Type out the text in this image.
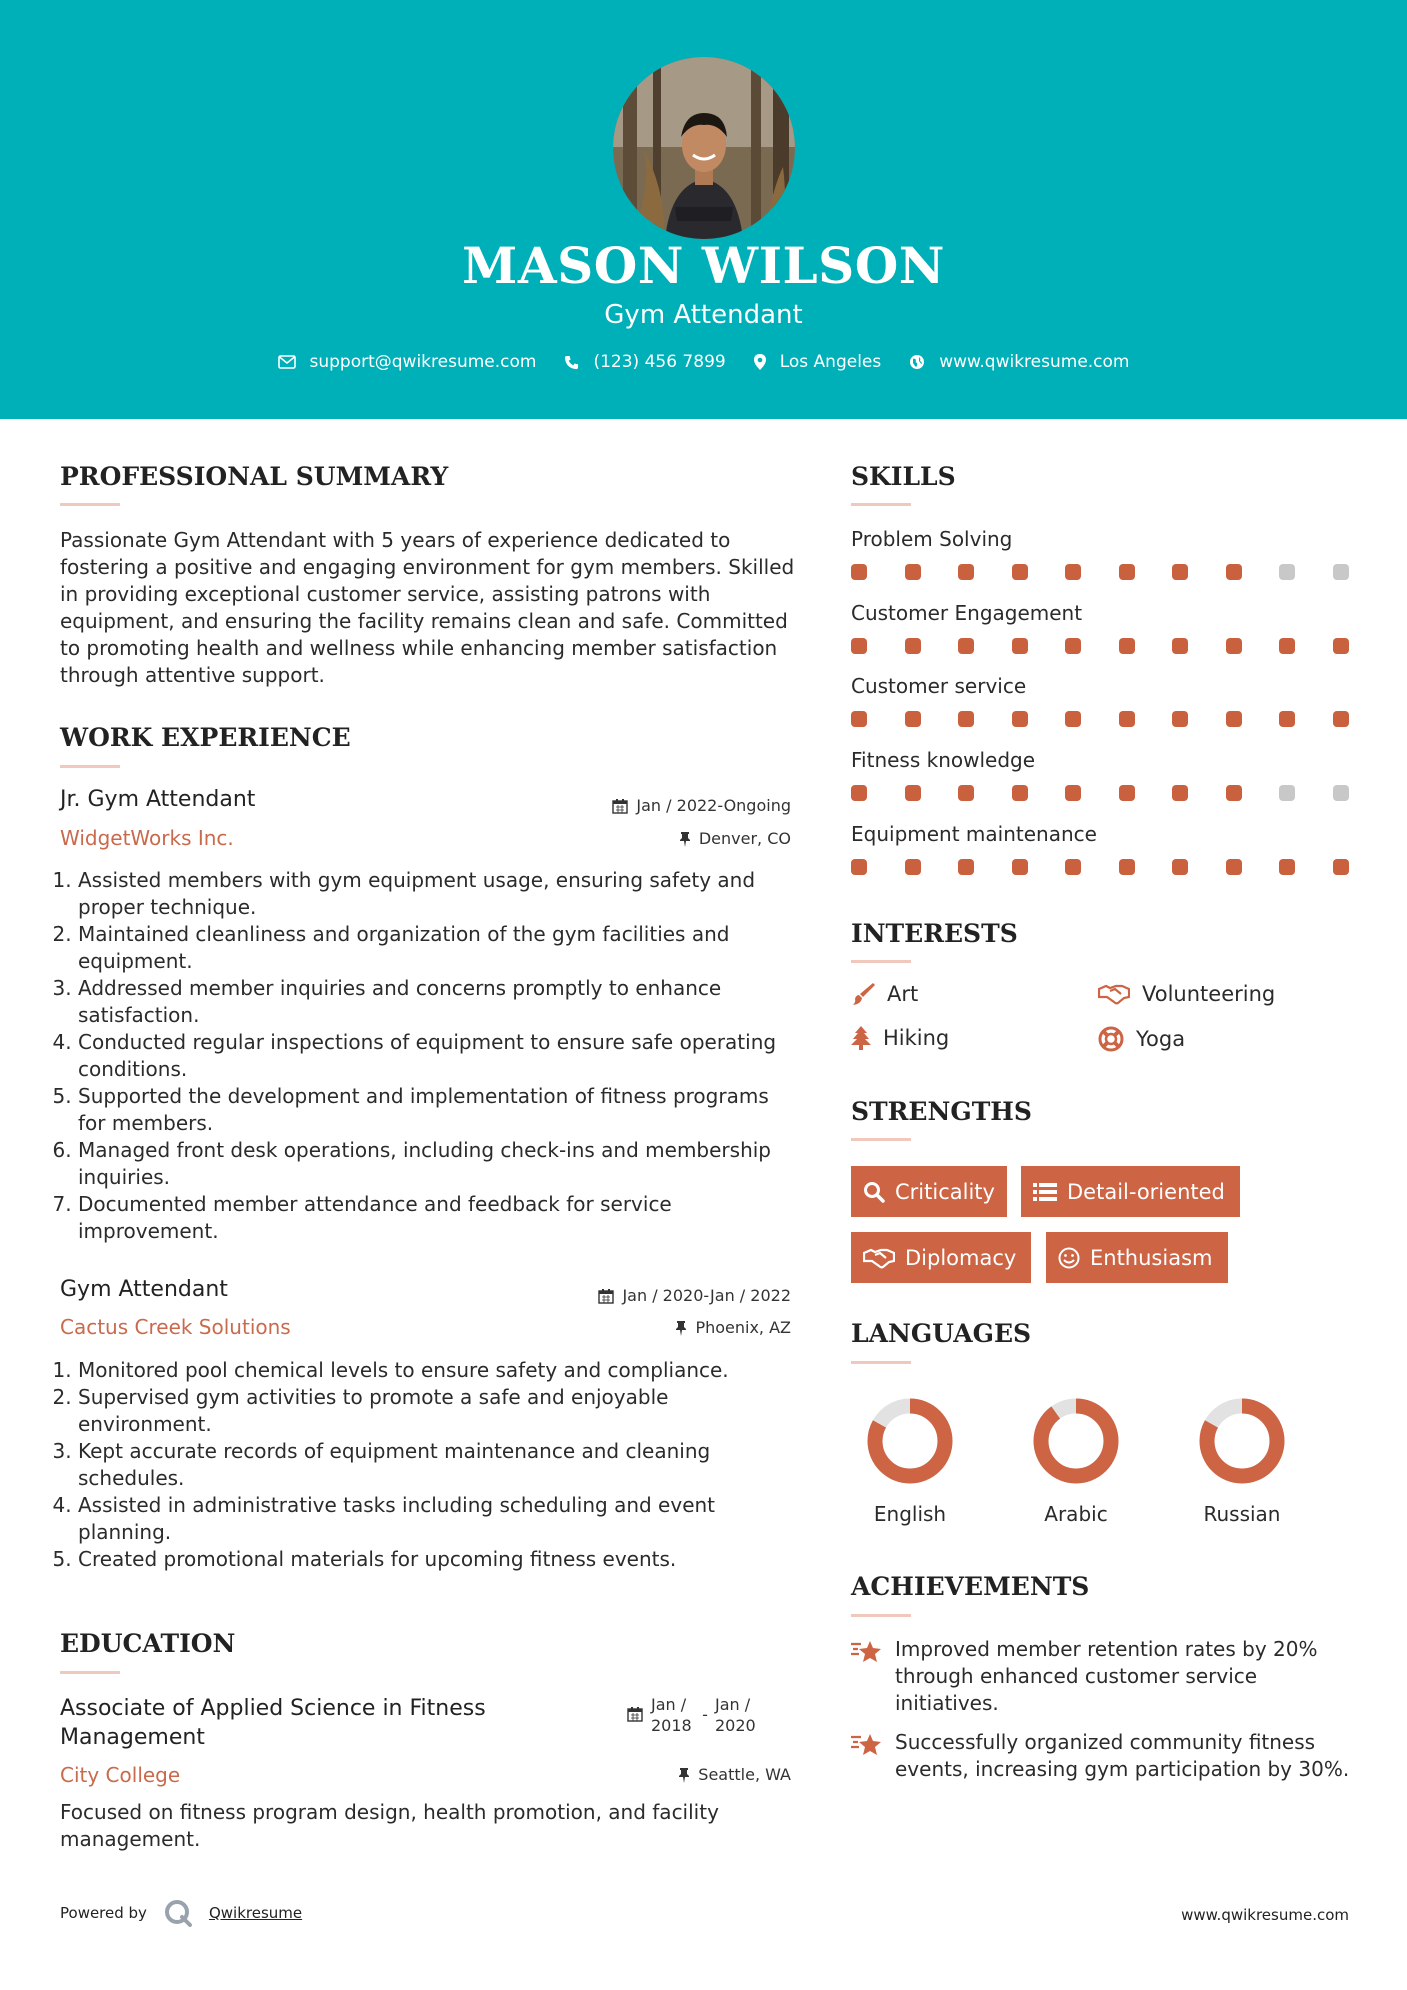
MASON WILSON
Gym Attendant
support@qwikresume.com	(123) 456 7899	Los Angeles	www.qwikresume.com
PROFESSIONAL SUMMARY
Passionate Gym Attendant with 5 years of experience dedicated to fostering a positive and engaging environment for gym members. Skilled in providing exceptional customer service, assisting patrons with equipment, and ensuring the facility remains clean and safe. Committed to promoting health and wellness while enhancing member satisfaction through attentive support.
WORK EXPERIENCE
Jr. Gym Attendant	Jan / 2022-Ongoing
WidgetWorks Inc.	Denver, CO
1. Assisted members with gym equipment usage, ensuring safety and proper technique.
2. Maintained cleanliness and organization of the gym facilities and equipment.
3. Addressed member inquiries and concerns promptly to enhance satisfaction.
4. Conducted regular inspections of equipment to ensure safe operating conditions.
5. Supported the development and implementation of fitness programs for members.
6. Managed front desk operations, including check-ins and membership inquiries.
7. Documented member attendance and feedback for service improvement.
Gym Attendant	Jan / 2020-Jan / 2022
Cactus Creek Solutions	Phoenix, AZ
1. Monitored pool chemical levels to ensure safety and compliance.
2. Supervised gym activities to promote a safe and enjoyable environment.
3. Kept accurate records of equipment maintenance and cleaning schedules.
4. Assisted in administrative tasks including scheduling and event planning.
5. Created promotional materials for upcoming fitness events.
EDUCATION
Associate of Applied Science in Fitness Management
Jan / 2018
-
Jan / 2020
City College	Seattle, WA
Focused on fitness program design, health promotion, and facility management.
SKILLS
Problem Solving
Customer Engagement
Customer service
Fitness knowledge
Equipment maintenance
INTERESTS
Art	Volunteering
Hiking	Yoga
STRENGTHS
Criticality	Detail-oriented
Diplomacy	Enthusiasm
LANGUAGES
English	Arabic	Russian
ACHIEVEMENTS
Improved member retention rates by 20% through enhanced customer service initiatives.
Successfully organized community fitness events, increasing gym participation by 30%.
Powered by	Qwikresume	www.qwikresume.com
